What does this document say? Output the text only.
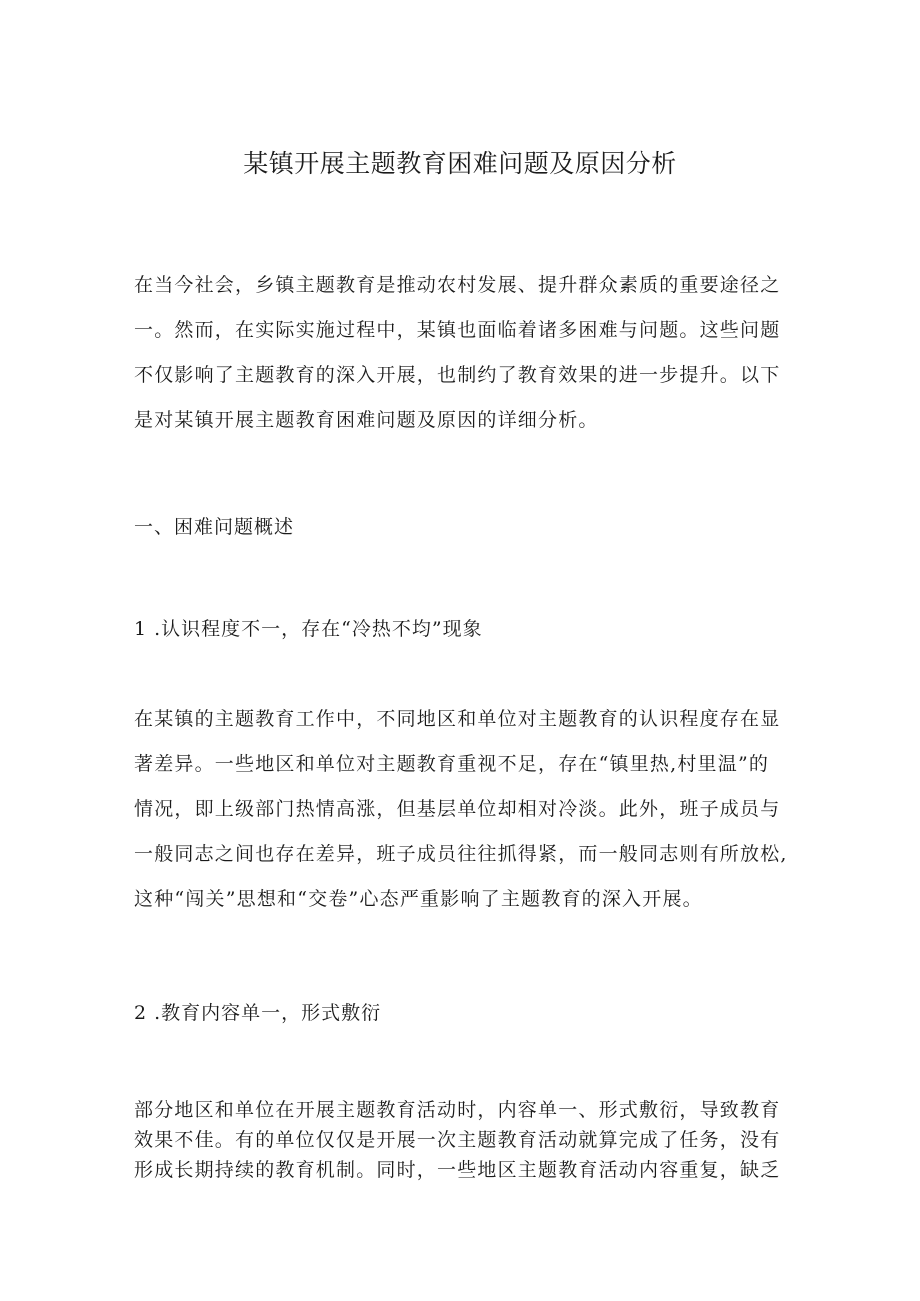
某镇开展主题教育困难问题及原因分析
在当今社会，乡镇主题教育是推动农村发展、提升群众素质的重要途径之
一。然而，在实际实施过程中，某镇也面临着诸多困难与问题。这些问题
不仅影响了主题教育的深入开展，也制约了教育效果的进一步提升。以下
是对某镇开展主题教育困难问题及原因的详细分析。
一、困难问题概述
1 .认识程度不一，存在“冷热不均”现象
在某镇的主题教育工作中，不同地区和单位对主题教育的认识程度存在显
著差异。一些地区和单位对主题教育重视不足，存在“镇里热,村里温”的
情况，即上级部门热情高涨，但基层单位却相对冷淡。此外，班子成员与
一般同志之间也存在差异，班子成员往往抓得紧，而一般同志则有所放松,
这种“闯关”思想和“交卷”心态严重影响了主题教育的深入开展。
2 .教育内容单一，形式敷衍
部分地区和单位在开展主题教育活动时，内容单一、形式敷衍，导致教育
效果不佳。有的单位仅仅是开展一次主题教育活动就算完成了任务，没有
形成长期持续的教育机制。同时，一些地区主题教育活动内容重复，缺乏
